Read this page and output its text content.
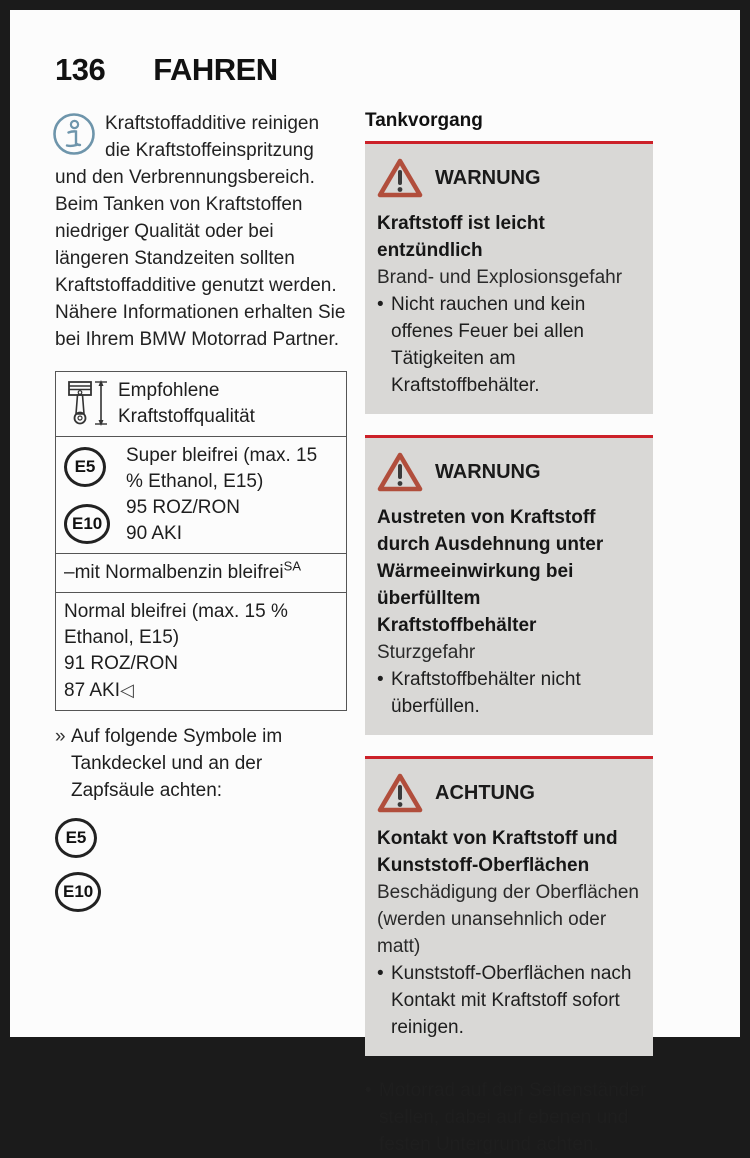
136 FAHREN
Kraftstoffadditive reinigen die Kraftstoffeinspritzung und den Verbrennungsbereich. Beim Tanken von Kraftstoffen niedriger Qualität oder bei längeren Standzeiten sollten Kraftstoffadditive genutzt werden. Nähere Informationen erhalten Sie bei Ihrem BMW Motorrad Partner.
Empfohlene Kraftstoffqualität
E5
E10
Super bleifrei (max. 15 % Ethanol, E15)
95 ROZ/RON
90 AKI
–mit Normalbenzin bleifrei$^{SA}$
Normal bleifrei (max. 15 % Ethanol, E15)
91 ROZ/RON
87 AKI◁
» Auf folgende Symbole im Tankdeckel und an der Zapfsäule achten:
E5
E10
Tankvorgang
WARNUNG
Kraftstoff ist leicht entzündlich
Brand- und Explosionsgefahr
• Nicht rauchen und kein offenes Feuer bei allen Tätigkeiten am Kraftstoffbehälter.
WARNUNG
Austreten von Kraftstoff durch Ausdehnung unter Wärmeeinwirkung bei überfülltem Kraftstoffbehälter
Sturzgefahr
• Kraftstoffbehälter nicht überfüllen.
ACHTUNG
Kontakt von Kraftstoff und Kunststoff-Oberflächen
Beschädigung der Oberflächen (werden unansehnlich oder matt)
• Kunststoff-Oberflächen nach Kontakt mit Kraftstoff sofort reinigen.
• Motorrad auf den Seitenständer stellen, dabei auf ebenen und festen Untergrund achten.
